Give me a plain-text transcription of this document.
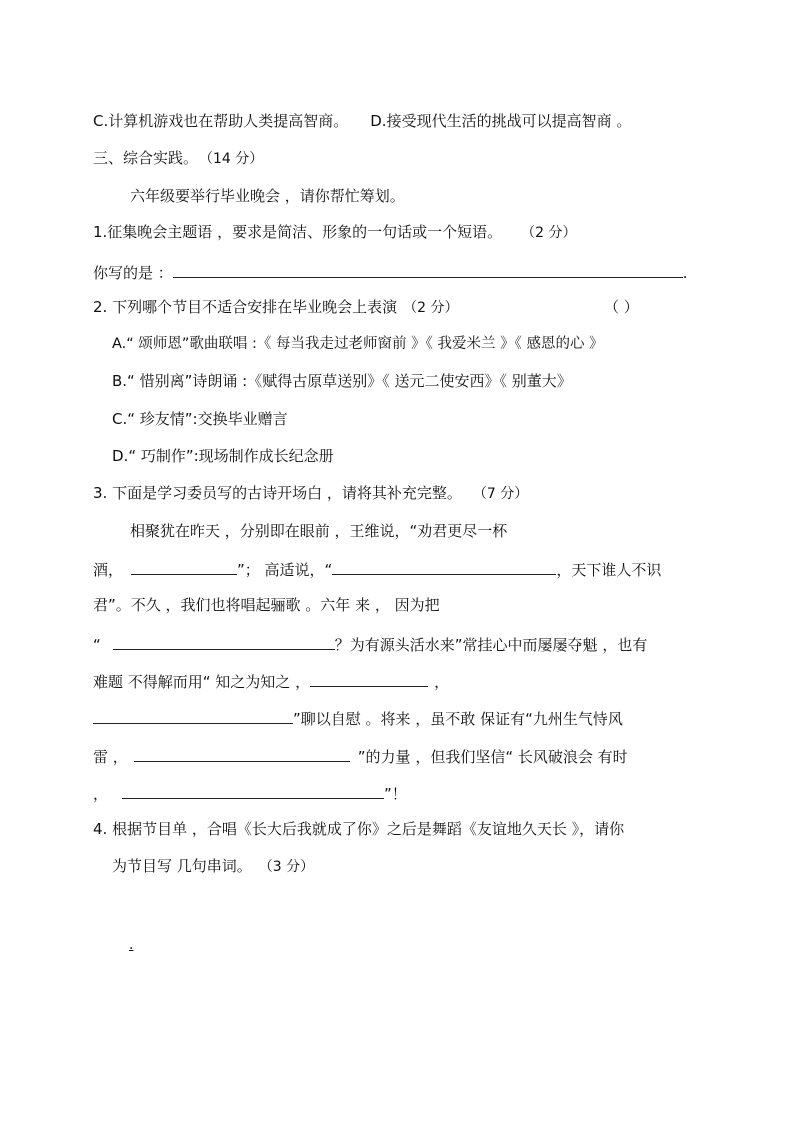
C.计算机游戏也在帮助人类提高智商。 D.接受现代生活的挑战可以提高智商 。
三、综合实践。 （14 分）
六年级要举行毕业晚会 ，请你帮忙筹划。
1.征集晚会主题语 ，要求是简洁、形象的一句话或一个短语。 （2 分）
你写的是 ：	.
2. 下列哪个节目不适合安排在毕业晚会上表演 （2 分）	（ ）
A.“ 颂师恩”歌曲联唱 :《 每当我走过老师窗前 》《 我爱米兰 》《 感恩的心 》
B.“ 惜别离”诗朗诵 :《赋得古原草送别》《 送元二使安西》《 别董大》
C.“ 珍友情”:交换毕业赠言
D.“ 巧制作”:现场制作成长纪念册
3. 下面是学习委员写的古诗开场白 ，请将其补充完整。 （7 分）
相聚犹在昨天 ，分别即在眼前 ，王维说，“劝君更尽一杯
酒，	”； 高适说，“	，天下谁人不识
君”。不久 ，我们也将唱起骊歌 。六年 来 ， 因为把
“	？为有源头活水来”常挂心中而屡屡夺魁 ，也有
难题 不得解而用“ 知之为知之 ，	，
”聊以自慰 。将来 ，虽不敢 保证有“九州生气恃风
雷 ，	”的力量 ，但我们坚信“ 长风破浪会 有时
，	”！
4. 根据节目单 ，合唱《长大后我就成了你》之后是舞蹈《友谊地久天长 》，请你
为节目写 几句串词。 （3 分）
.
